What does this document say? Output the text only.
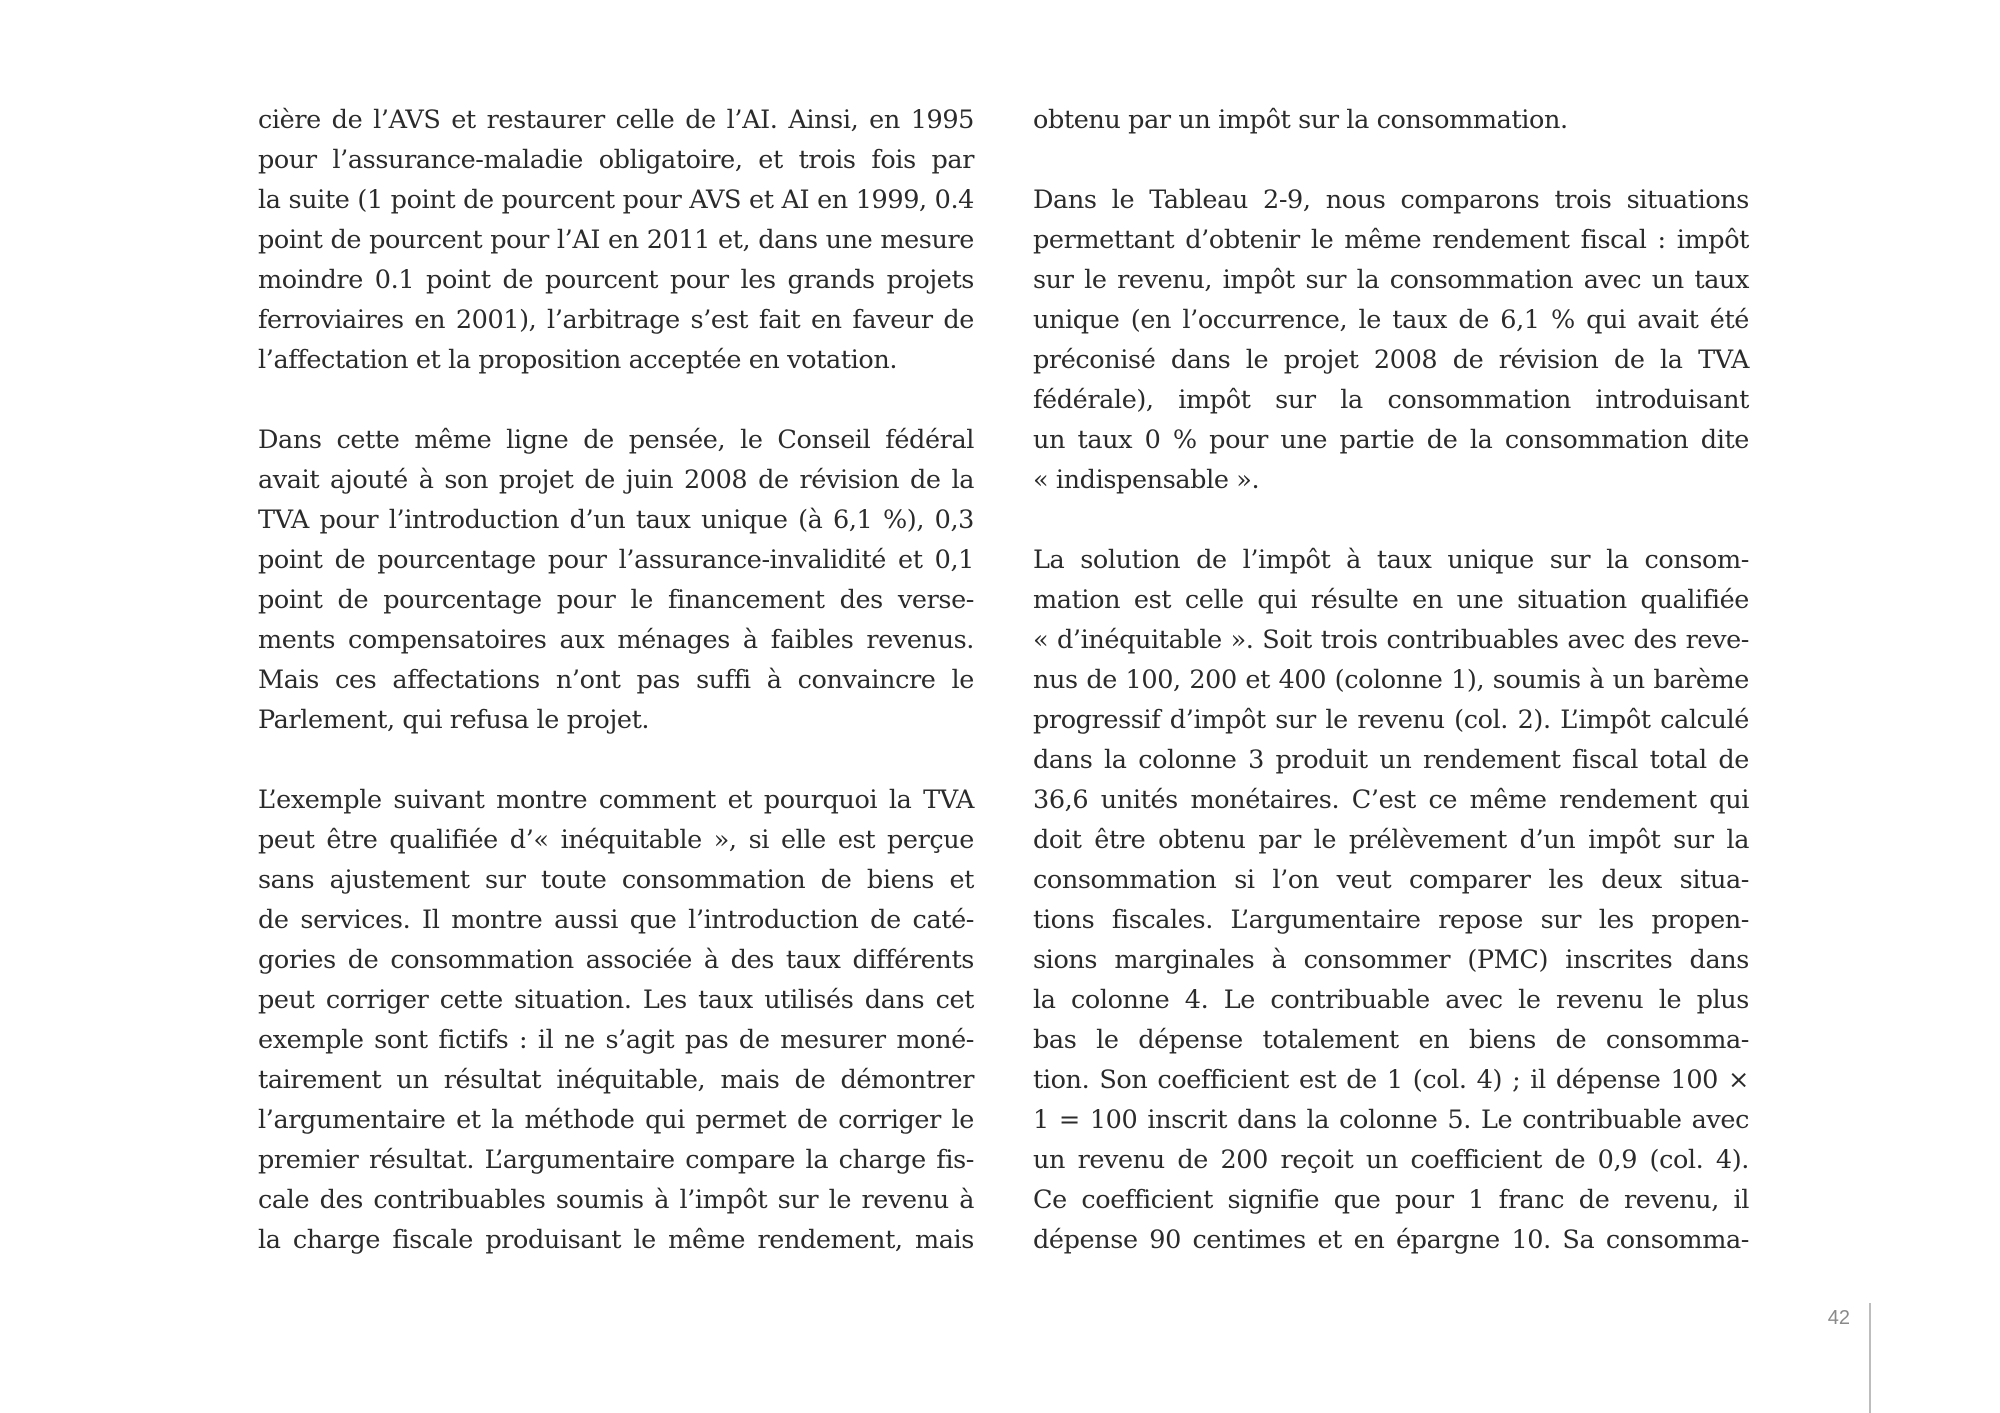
cière de l’AVS et restaurer celle de l’AI. Ainsi, en 1995
pour l’assurance-maladie obligatoire, et trois fois par
la suite (1 point de pourcent pour AVS et AI en 1999, 0.4
point de pourcent pour l’AI en 2011 et, dans une mesure
moindre 0.1 point de pourcent pour les grands projets
ferroviaires en 2001), l’arbitrage s’est fait en faveur de
l’affectation et la proposition acceptée en votation.
Dans cette même ligne de pensée, le Conseil fédéral
avait ajouté à son projet de juin 2008 de révision de la
TVA pour l’introduction d’un taux unique (à 6,1 %), 0,3
point de pourcentage pour l’assurance-invalidité et 0,1
point de pourcentage pour le financement des verse-
ments compensatoires aux ménages à faibles revenus.
Mais ces affectations n’ont pas suffi à convaincre le
Parlement, qui refusa le projet.
L’exemple suivant montre comment et pourquoi la TVA
peut être qualifiée d’« inéquitable », si elle est perçue
sans ajustement sur toute consommation de biens et
de services. Il montre aussi que l’introduction de caté-
gories de consommation associée à des taux différents
peut corriger cette situation. Les taux utilisés dans cet
exemple sont fictifs : il ne s’agit pas de mesurer moné-
tairement un résultat inéquitable, mais de démontrer
l’argumentaire et la méthode qui permet de corriger le
premier résultat. L’argumentaire compare la charge fis-
cale des contribuables soumis à l’impôt sur le revenu à
la charge fiscale produisant le même rendement, mais
obtenu par un impôt sur la consommation.
Dans le Tableau 2-9, nous comparons trois situations
permettant d’obtenir le même rendement fiscal : impôt
sur le revenu, impôt sur la consommation avec un taux
unique (en l’occurrence, le taux de 6,1 % qui avait été
préconisé dans le projet 2008 de révision de la TVA
fédérale), impôt sur la consommation introduisant
un taux 0 % pour une partie de la consommation dite
« indispensable ».
La solution de l’impôt à taux unique sur la consom-
mation est celle qui résulte en une situation qualifiée
« d’inéquitable ». Soit trois contribuables avec des reve-
nus de 100, 200 et 400 (colonne 1), soumis à un barème
progressif d’impôt sur le revenu (col. 2). L’impôt calculé
dans la colonne 3 produit un rendement fiscal total de
36,6 unités monétaires. C’est ce même rendement qui
doit être obtenu par le prélèvement d’un impôt sur la
consommation si l’on veut comparer les deux situa-
tions fiscales. L’argumentaire repose sur les propen-
sions marginales à consommer (PMC) inscrites dans
la colonne 4. Le contribuable avec le revenu le plus
bas le dépense totalement en biens de consomma-
tion. Son coefficient est de 1 (col. 4) ; il dépense 100 ×
1 = 100 inscrit dans la colonne 5. Le contribuable avec
un revenu de 200 reçoit un coefficient de 0,9 (col. 4).
Ce coefficient signifie que pour 1 franc de revenu, il
dépense 90 centimes et en épargne 10. Sa consomma-
42
